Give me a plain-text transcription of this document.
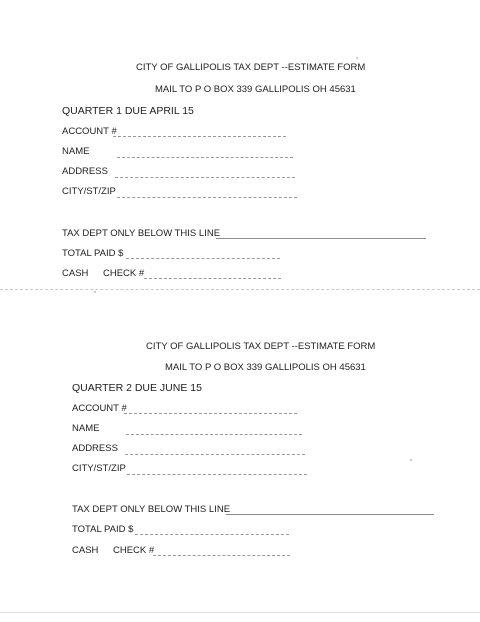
CITY OF GALLIPOLIS TAX DEPT --ESTIMATE FORM
MAIL TO P O BOX 339 GALLIPOLIS OH 45631
QUARTER 1 DUE APRIL 15
ACCOUNT #
NAME
ADDRESS
CITY/ST/ZIP
TAX DEPT ONLY BELOW THIS LINE
TOTAL PAID $
CASH CHECK #
CITY OF GALLIPOLIS TAX DEPT --ESTIMATE FORM
MAIL TO P O BOX 339 GALLIPOLIS OH 45631
QUARTER 2 DUE JUNE 15
ACCOUNT #
NAME
ADDRESS
CITY/ST/ZIP
TAX DEPT ONLY BELOW THIS LINE
TOTAL PAID $
CASH CHECK #
